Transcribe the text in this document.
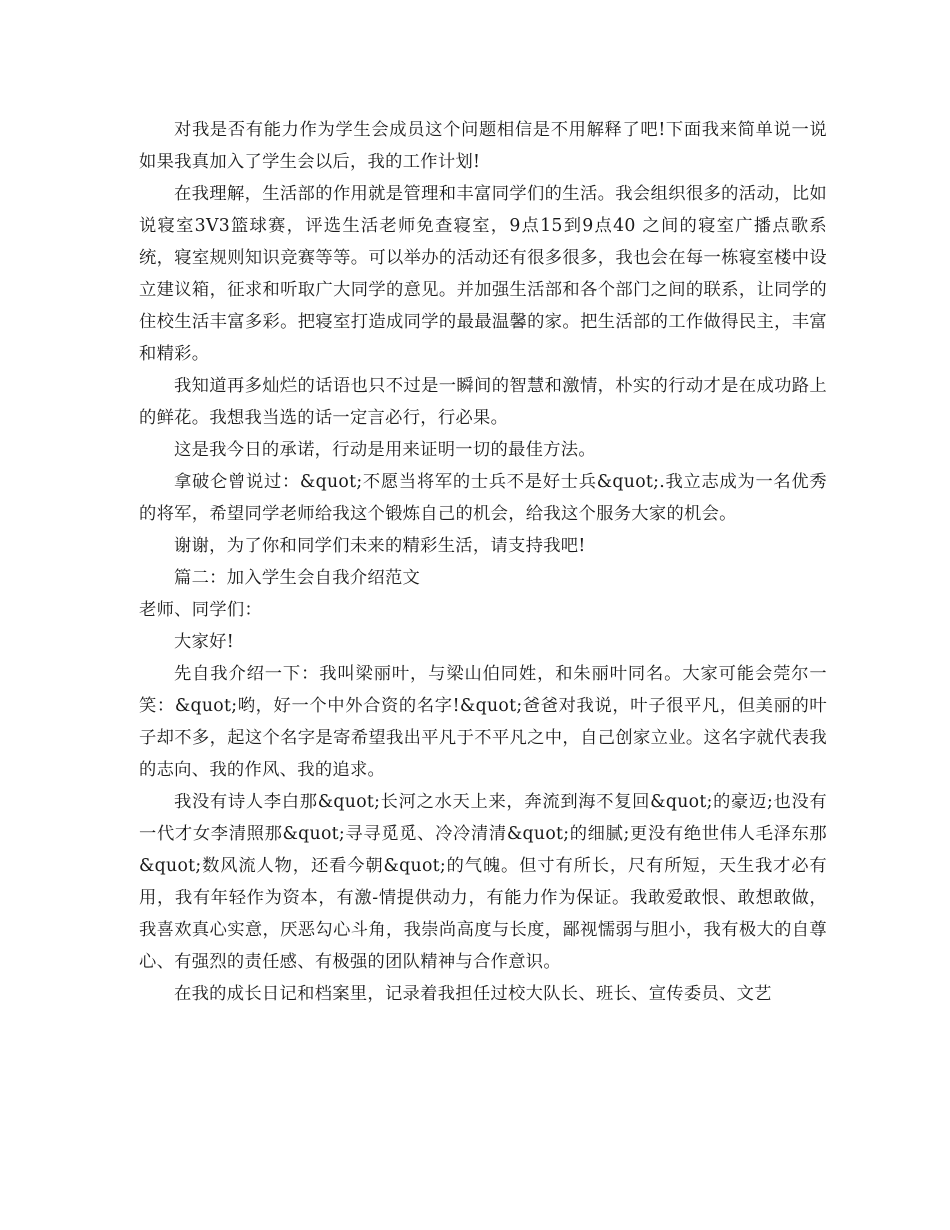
对我是否有能力作为学生会成员这个问题相信是不用解释了吧!下面我来简单说一说如果我真加入了学生会以后，我的工作计划!

在我理解，生活部的作用就是管理和丰富同学们的生活。我会组织很多的活动，比如说寝室3V3篮球赛，评选生活老师免查寝室，9点15到9点40 之间的寝室广播点歌系统，寝室规则知识竞赛等等。可以举办的活动还有很多很多，我也会在每一栋寝室楼中设立建议箱，征求和听取广大同学的意见。并加强生活部和各个部门之间的联系，让同学的住校生活丰富多彩。把寝室打造成同学的最最温馨的家。把生活部的工作做得民主，丰富和精彩。

我知道再多灿烂的话语也只不过是一瞬间的智慧和激情，朴实的行动才是在成功路上的鲜花。我想我当选的话一定言必行，行必果。

这是我今日的承诺，行动是用来证明一切的最佳方法。

拿破仑曾说过：&quot;不愿当将军的士兵不是好士兵&quot;.我立志成为一名优秀的将军，希望同学老师给我这个锻炼自己的机会，给我这个服务大家的机会。

谢谢，为了你和同学们未来的精彩生活，请支持我吧!

篇二：加入学生会自我介绍范文

老师、同学们：

大家好!

先自我介绍一下：我叫梁丽叶，与梁山伯同姓，和朱丽叶同名。大家可能会莞尔一笑：&quot;哟，好一个中外合资的名字!&quot;爸爸对我说，叶子很平凡，但美丽的叶子却不多，起这个名字是寄希望我出平凡于不平凡之中，自己创家立业。这名字就代表我的志向、我的作风、我的追求。

我没有诗人李白那&quot;长河之水天上来，奔流到海不复回&quot;的豪迈;也没有一代才女李清照那&quot;寻寻觅觅、冷冷清清&quot;的细腻;更没有绝世伟人毛泽东那&quot;数风流人物，还看今朝&quot;的气魄。但寸有所长，尺有所短，天生我才必有用，我有年轻作为资本，有激-情提供动力，有能力作为保证。我敢爱敢恨、敢想敢做，我喜欢真心实意，厌恶勾心斗角，我崇尚高度与长度，鄙视懦弱与胆小，我有极大的自尊心、有强烈的责任感、有极强的团队精神与合作意识。

在我的成长日记和档案里，记录着我担任过校大队长、班长、宣传委员、文艺
